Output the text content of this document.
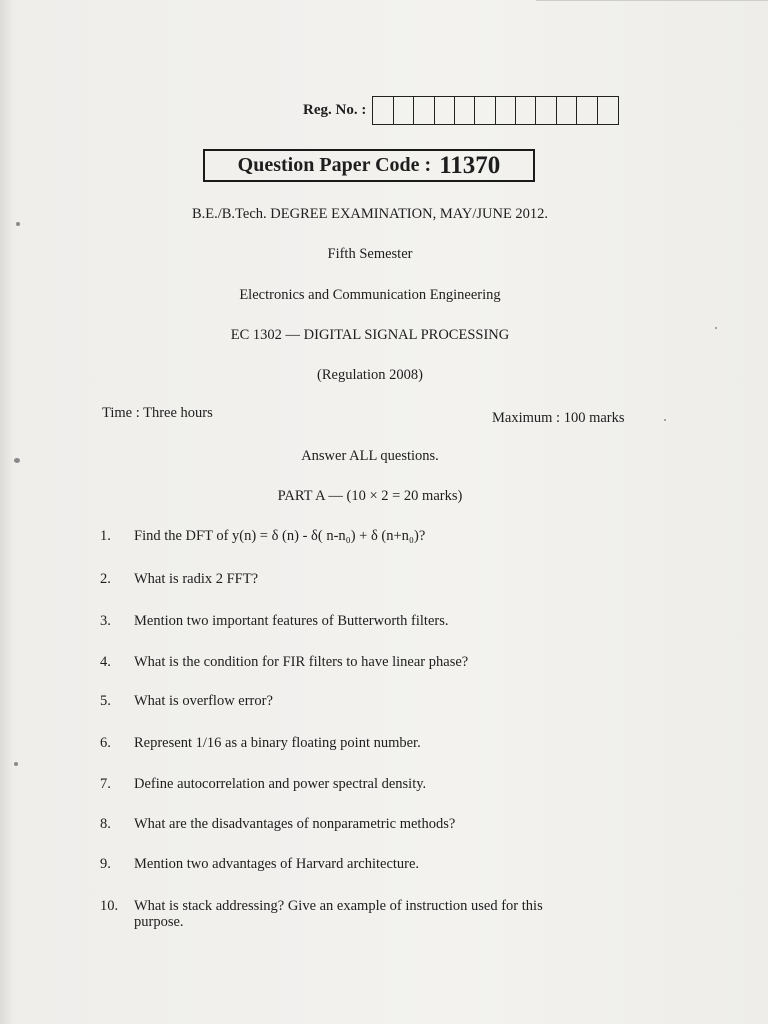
Reg. No. :
Question Paper Code : 11370
B.E./B.Tech. DEGREE EXAMINATION, MAY/JUNE 2012.
Fifth Semester
Electronics and Communication Engineering
EC 1302 — DIGITAL SIGNAL PROCESSING
(Regulation 2008)
Time : Three hours	Maximum : 100 marks
Answer ALL questions.
PART A — (10 × 2 = 20 marks)
1. Find the DFT of y(n) = δ (n) - δ( n-n₀) + δ (n+n₀)?
2. What is radix 2 FFT?
3. Mention two important features of Butterworth filters.
4. What is the condition for FIR filters to have linear phase?
5. What is overflow error?
6. Represent 1/16 as a binary floating point number.
7. Define autocorrelation and power spectral density.
8. What are the disadvantages of nonparametric methods?
9. Mention two advantages of Harvard architecture.
10. What is stack addressing? Give an example of instruction used for this purpose.
